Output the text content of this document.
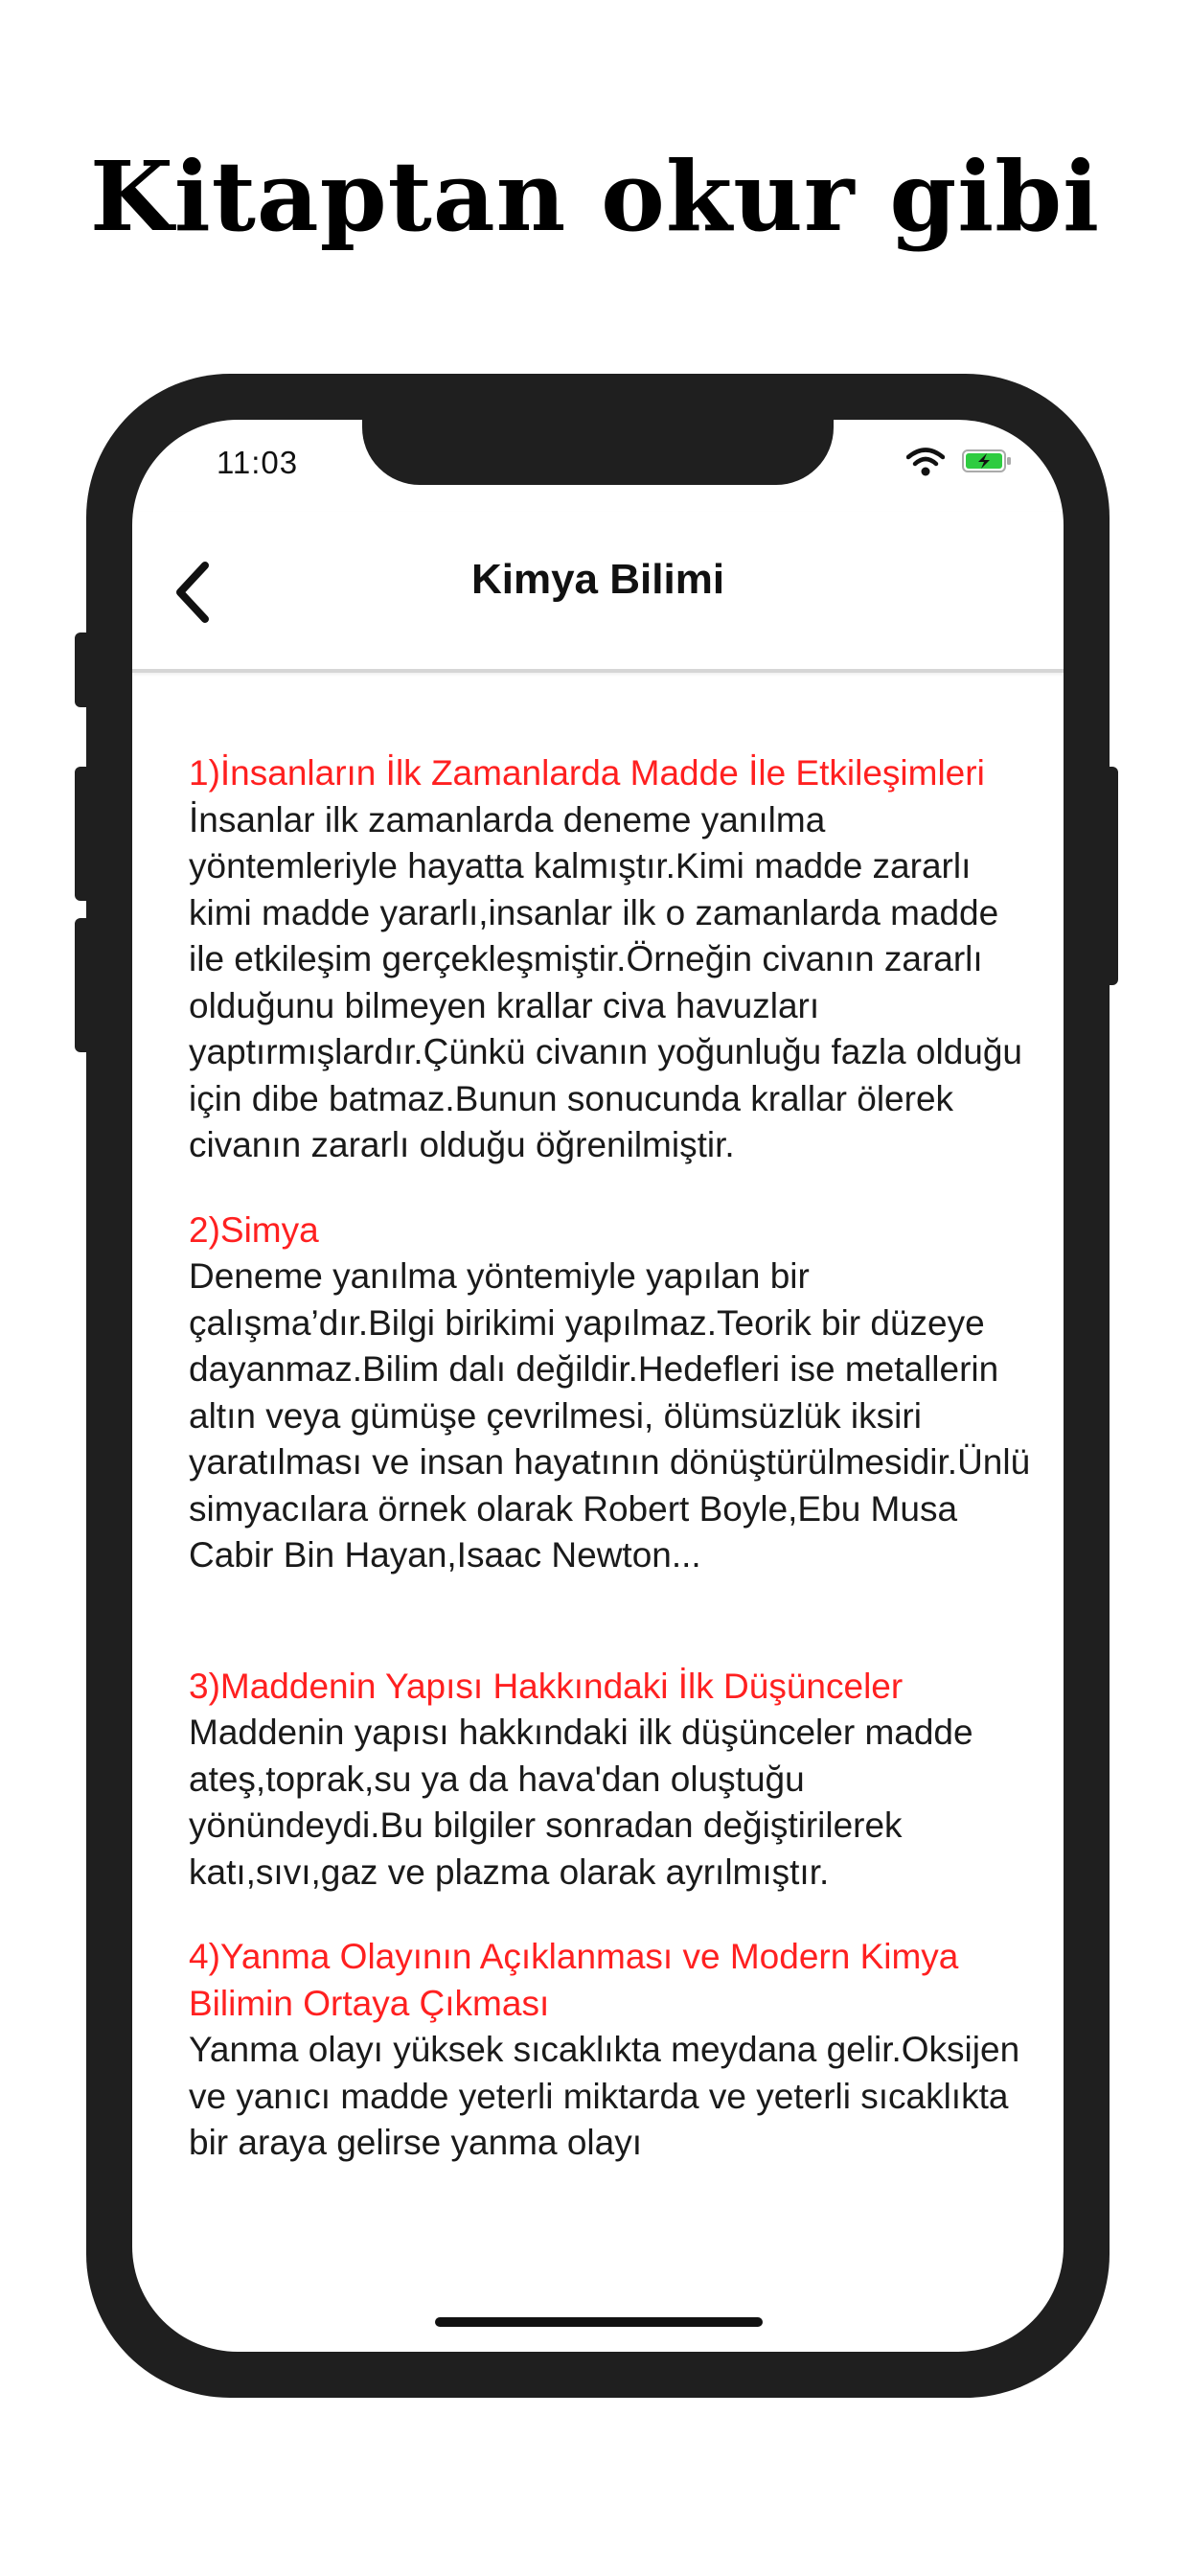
Kitaptan okur gibi
11:03
Kimya Bilimi
1)İnsanların İlk Zamanlarda Madde İle Etkileşimleri

İnsanlar ilk zamanlarda deneme yanılma yöntemleriyle hayatta kalmıştır.Kimi madde zararlı kimi madde yararlı,insanlar ilk o zamanlarda madde ile etkileşim gerçekleşmiştir.Örneğin civanın zararlı olduğunu bilmeyen krallar civa havuzları yaptırmışlardır.Çünkü civanın yoğunluğu fazla olduğu için dibe batmaz.Bunun sonucunda krallar ölerek civanın zararlı olduğu öğrenilmiştir.

2)Simya

Deneme yanılma yöntemiyle yapılan bir çalışma’dır.Bilgi birikimi yapılmaz.Teorik bir düzeye dayanmaz.Bilim dalı değildir.Hedefleri ise metallerin altın veya gümüşe çevrilmesi, ölümsüzlük iksiri yaratılması ve insan hayatının dönüştürülmesidir.Ünlü simyacılara örnek olarak Robert Boyle,Ebu Musa Cabir Bin Hayan,Isaac Newton...

3)Maddenin Yapısı Hakkındaki İlk Düşünceler

Maddenin yapısı hakkındaki ilk düşünceler madde ateş,toprak,su ya da hava'dan oluştuğu yönündeydi.Bu bilgiler sonradan değiştirilerek katı,sıvı,gaz ve plazma olarak ayrılmıştır.

4)Yanma Olayının Açıklanması ve Modern Kimya Bilimin Ortaya Çıkması

Yanma olayı yüksek sıcaklıkta meydana gelir.Oksijen ve yanıcı madde yeterli miktarda ve yeterli sıcaklıkta bir araya gelirse yanma olayı
